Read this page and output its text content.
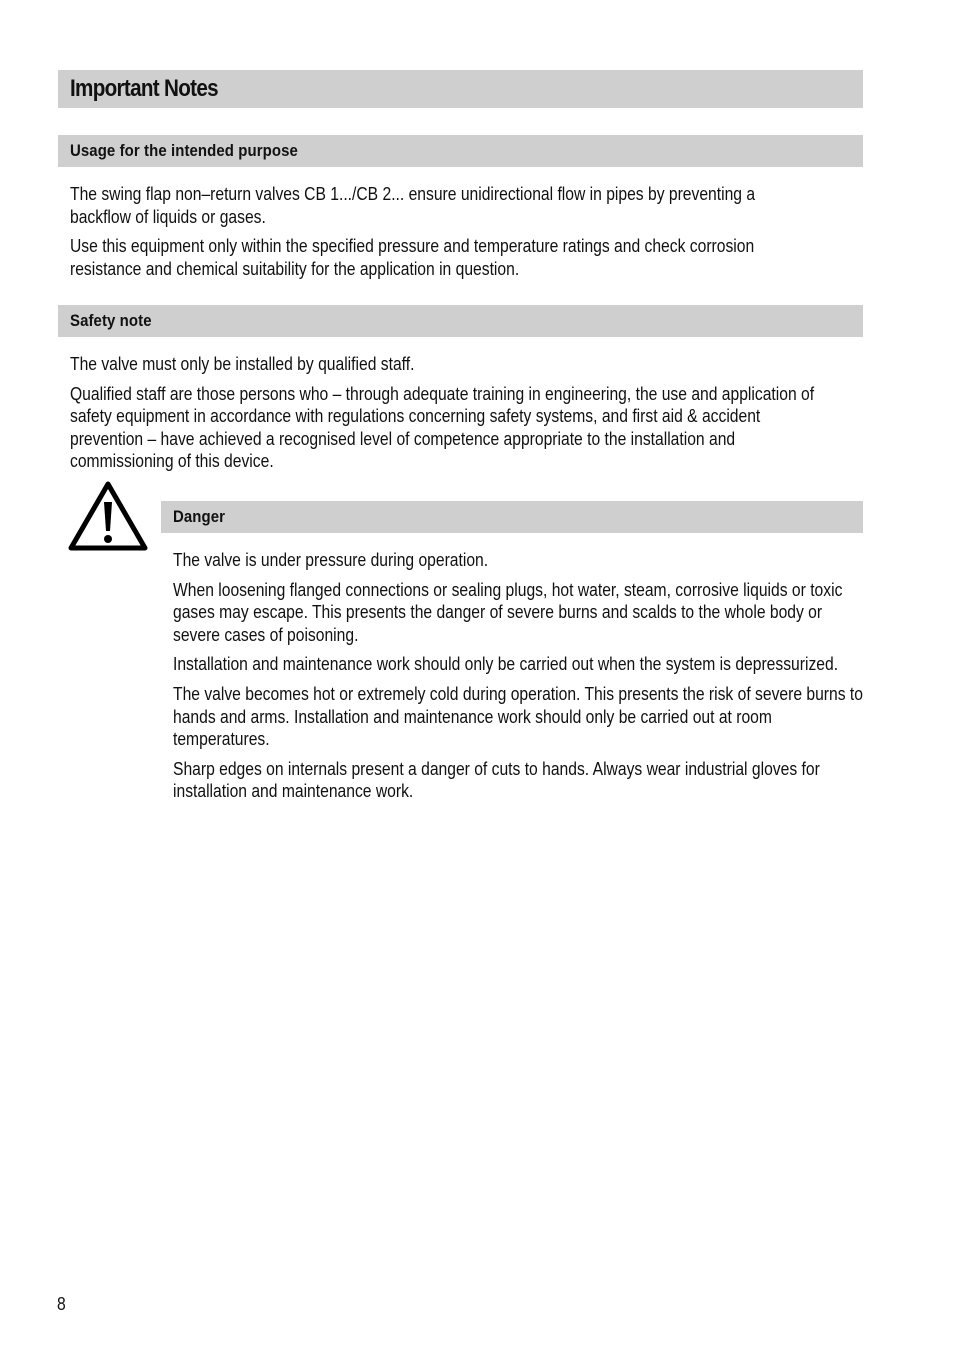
Important Notes
Usage for the intended purpose

The swing flap non–return valves CB 1.../CB 2... ensure unidirectional flow in pipes by preventing a backflow of liquids or gases.

Use this equipment only within the specified pressure and temperature ratings and check corrosion resistance and chemical suitability for the application in question.

Safety note

The valve must only be installed by qualified staff.

Qualified staff are those persons who – through adequate training in engineering, the use and application of safety equipment in accordance with regulations concerning safety systems, and first aid & accident prevention – have achieved a recognised level of competence appropriate to the installation and commissioning of this device.

Danger

The valve is under pressure during operation.

When loosening flanged connections or sealing plugs, hot water, steam, corrosive liquids or toxic gases may escape. This presents the danger of severe burns and scalds to the whole body or severe cases of poisoning.

Installation and maintenance work should only be carried out when the system is depressurized.

The valve becomes hot or extremely cold during operation. This presents the risk of severe burns to hands and arms. Installation and maintenance work should only be carried out at room temperatures.

Sharp edges on internals present a danger of cuts to hands. Always wear industrial gloves for installation and maintenance work.

8
